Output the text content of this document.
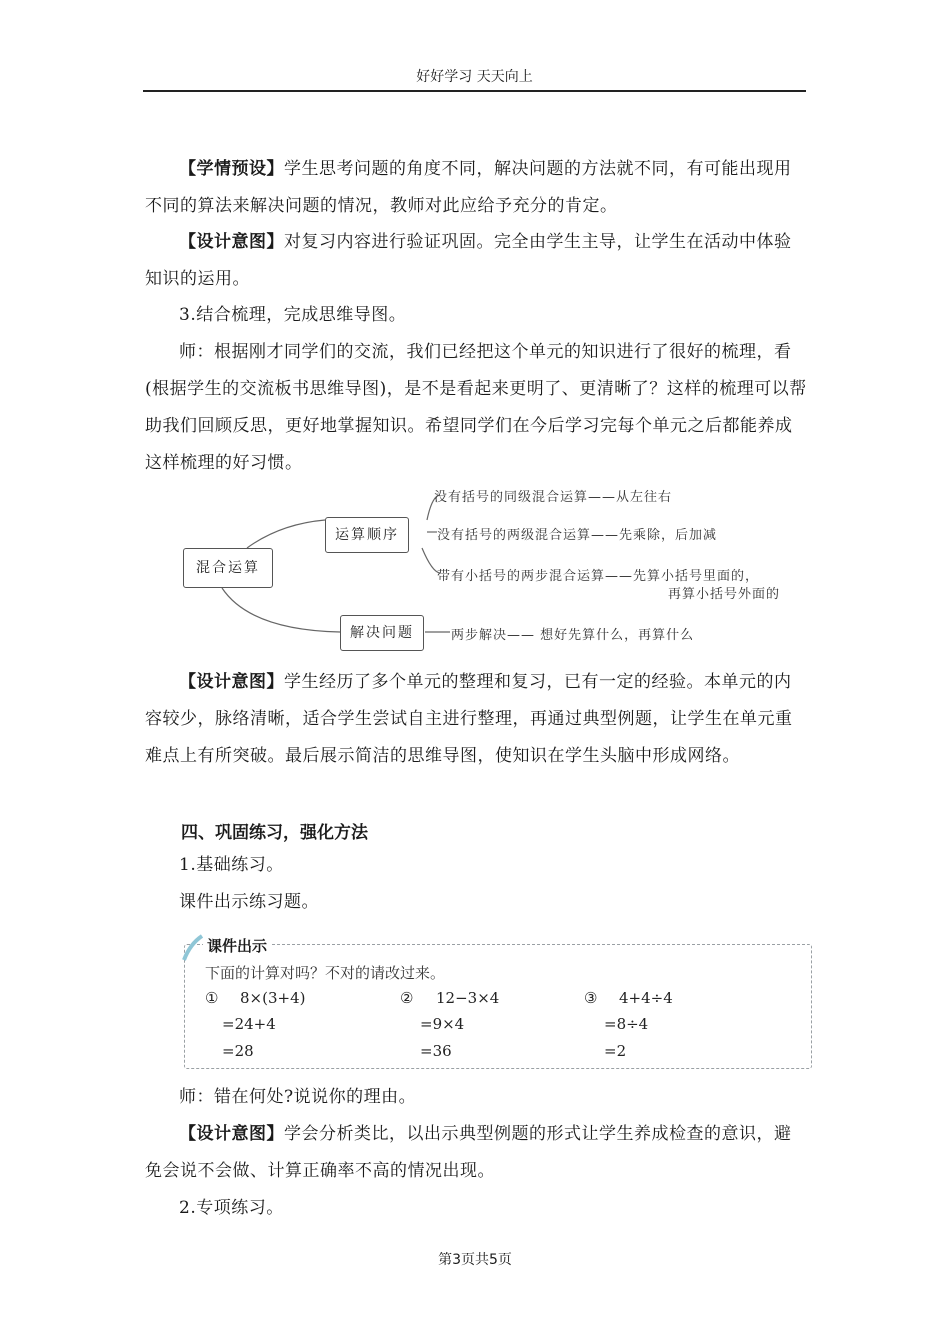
好好学习 天天向上
【学情预设】学生思考问题的角度不同，解决问题的方法就不同，有可能出现用不同的算法来解决问题的情况，教师对此应给予充分的肯定。
【设计意图】对复习内容进行验证巩固。完全由学生主导，让学生在活动中体验知识的运用。
3.结合梳理，完成思维导图。
师：根据刚才同学们的交流，我们已经把这个单元的知识进行了很好的梳理，看(根据学生的交流板书思维导图)，是不是看起来更明了、更清晰了？这样的梳理可以帮助我们回顾反思，更好地掌握知识。希望同学们在今后学习完每个单元之后都能养成这样梳理的好习惯。
混合运算
运算顺序
解决问题
没有括号的同级混合运算——从左往右
没有括号的两级混合运算——先乘除，后加减
带有小括号的两步混合运算——先算小括号里面的，
再算小括号外面的
两步解决—— 想好先算什么，再算什么
【设计意图】学生经历了多个单元的整理和复习，已有一定的经验。本单元的内容较少，脉络清晰，适合学生尝试自主进行整理，再通过典型例题，让学生在单元重难点上有所突破。最后展示简洁的思维导图，使知识在学生头脑中形成网络。
四、巩固练习，强化方法
1.基础练习。
课件出示练习题。
课件出示
下面的计算对吗？不对的请改过来。
① 8×(3+4)
=24+4
=28
② 12−3×4
=9×4
=36
③ 4+4÷4
=8÷4
=2
师：错在何处?说说你的理由。
【设计意图】学会分析类比，以出示典型例题的形式让学生养成检查的意识，避免会说不会做、计算正确率不高的情况出现。
2.专项练习。
第3页共5页
